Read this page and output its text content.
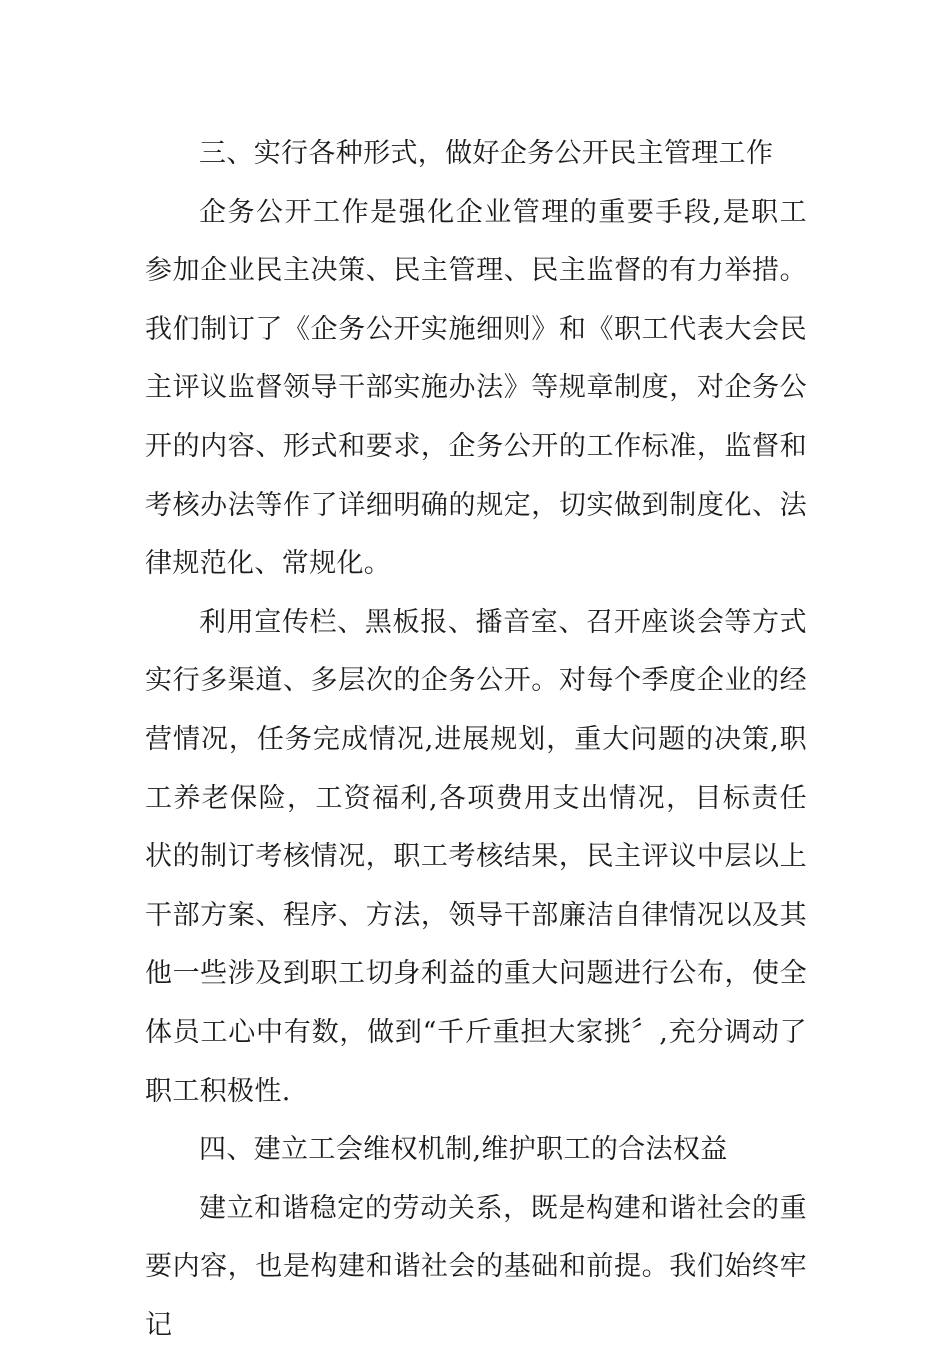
三、实行各种形式，做好企务公开民主管理工作

企务公开工作是强化企业管理的重要手段,是职工参加企业民主决策、民主管理、民主监督的有力举措。我们制订了《企务公开实施细则》和《职工代表大会民主评议监督领导干部实施办法》等规章制度，对企务公开的内容、形式和要求，企务公开的工作标准，监督和考核办法等作了详细明确的规定，切实做到制度化、法律规范化、常规化。

利用宣传栏、黑板报、播音室、召开座谈会等方式实行多渠道、多层次的企务公开。对每个季度企业的经营情况，任务完成情况,进展规划，重大问题的决策,职工养老保险，工资福利,各项费用支出情况，目标责任状的制订考核情况，职工考核结果，民主评议中层以上干部方案、程序、方法，领导干部廉洁自律情况以及其他一些涉及到职工切身利益的重大问题进行公布，使全体员工心中有数，做到“千斤重担大家挑〞,充分调动了职工积极性.

四、建立工会维权机制,维护职工的合法权益

建立和谐稳定的劳动关系，既是构建和谐社会的重要内容，也是构建和谐社会的基础和前提。我们始终牢记
